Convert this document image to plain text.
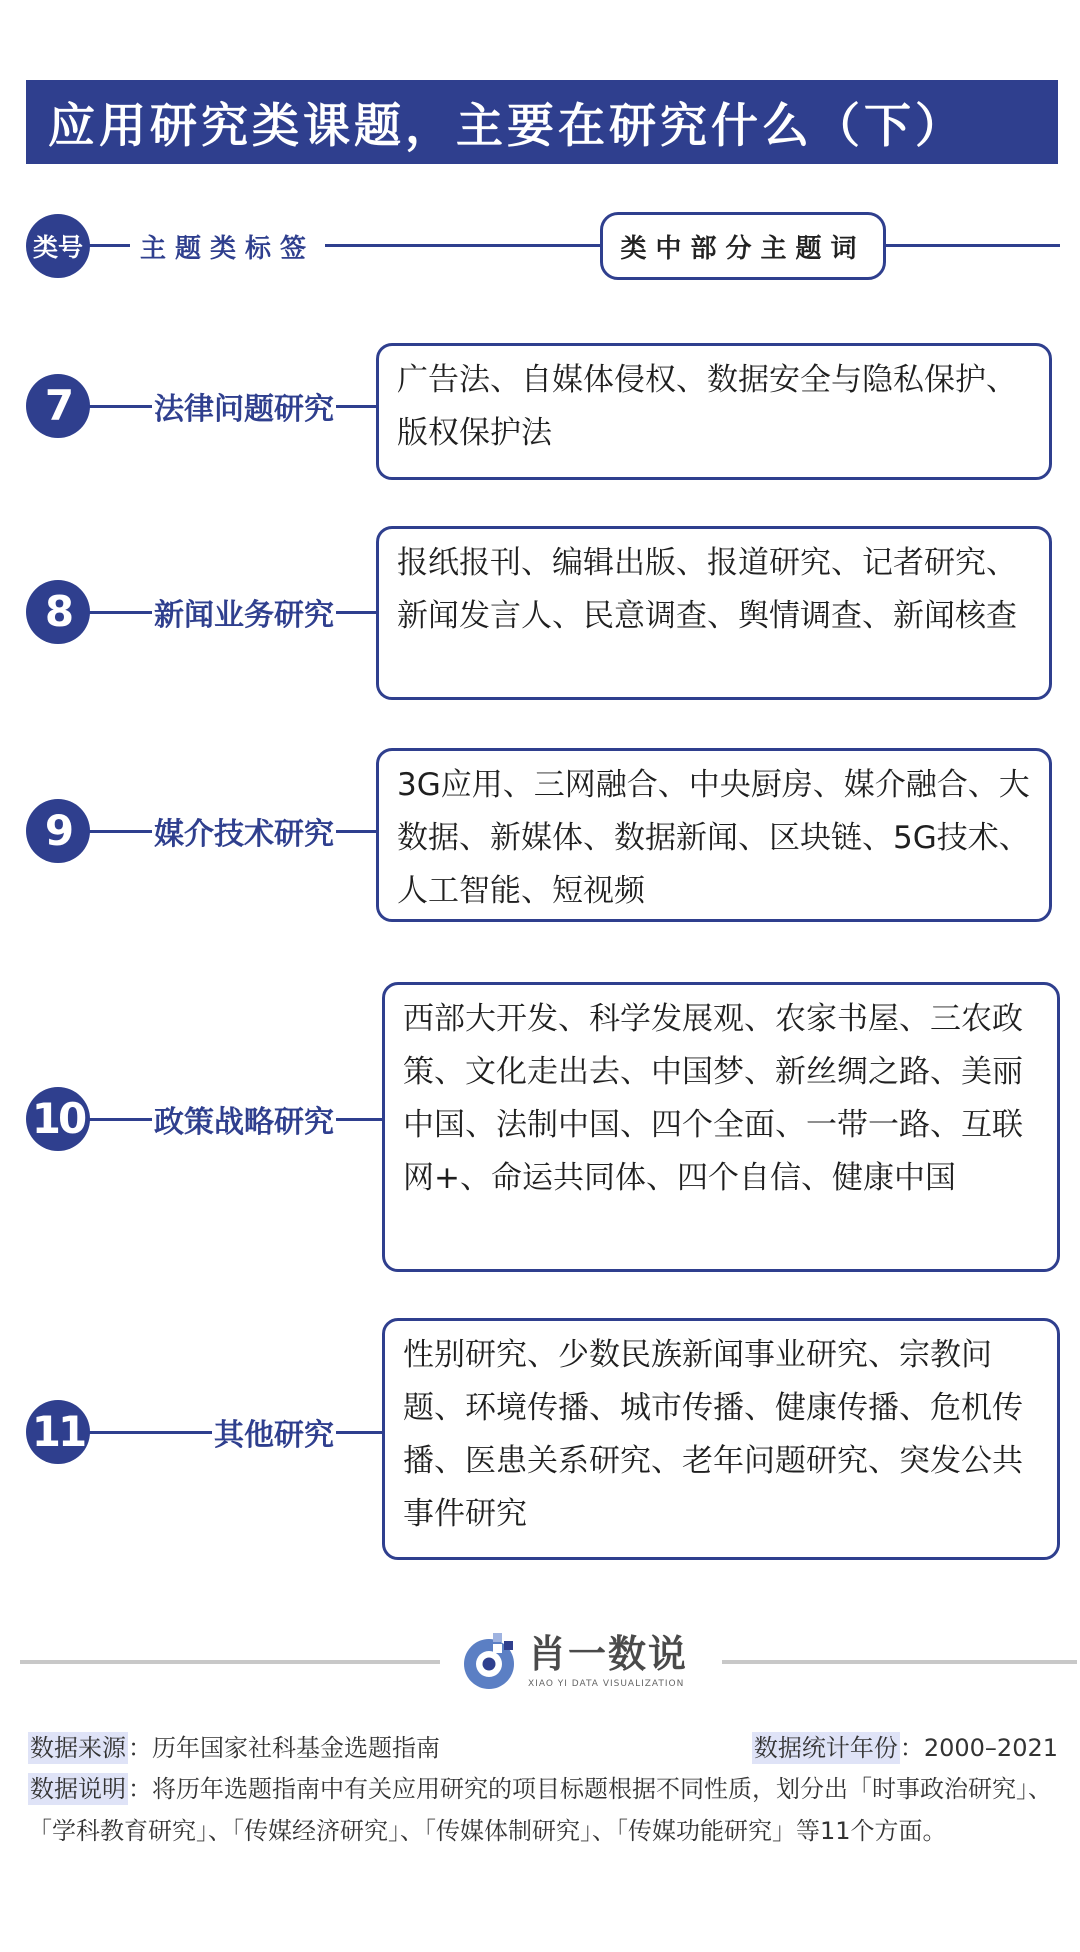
应用研究类课题，主要在研究什么（下）
类号	主题类标签	类中部分主题词
7	法律问题研究
广告法、自媒体侵权、数据安全与隐私保护、版权保护法
8	新闻业务研究
报纸报刊、编辑出版、报道研究、记者研究、新闻发言人、民意调查、舆情调查、新闻核查
9	媒介技术研究
3G应用、三网融合、中央厨房、媒介融合、大数据、新媒体、数据新闻、区块链、5G技术、人工智能、短视频
10 政策战略研究
西部大开发、科学发展观、农家书屋、三农政策、文化走出去、中国梦、新丝绸之路、美丽中国、法制中国、四个全面、一带一路、互联网+、命运共同体、四个自信、健康中国
11	其他研究
性别研究、少数民族新闻事业研究、宗教问题、环境传播、城市传播、健康传播、危机传播、医患关系研究、老年问题研究、突发公共事件研究
肖一数说
XIAO YI DATA VISUALIZATION
数据来源：历年国家社科基金选题指南	数据统计年份：2000–2021
数据说明：将历年选题指南中有关应用研究的项目标题根据不同性质，划分出「时事政治研究」、「学科教育研究」、「传媒经济研究」、「传媒体制研究」、「传媒功能研究」等11个方面。
